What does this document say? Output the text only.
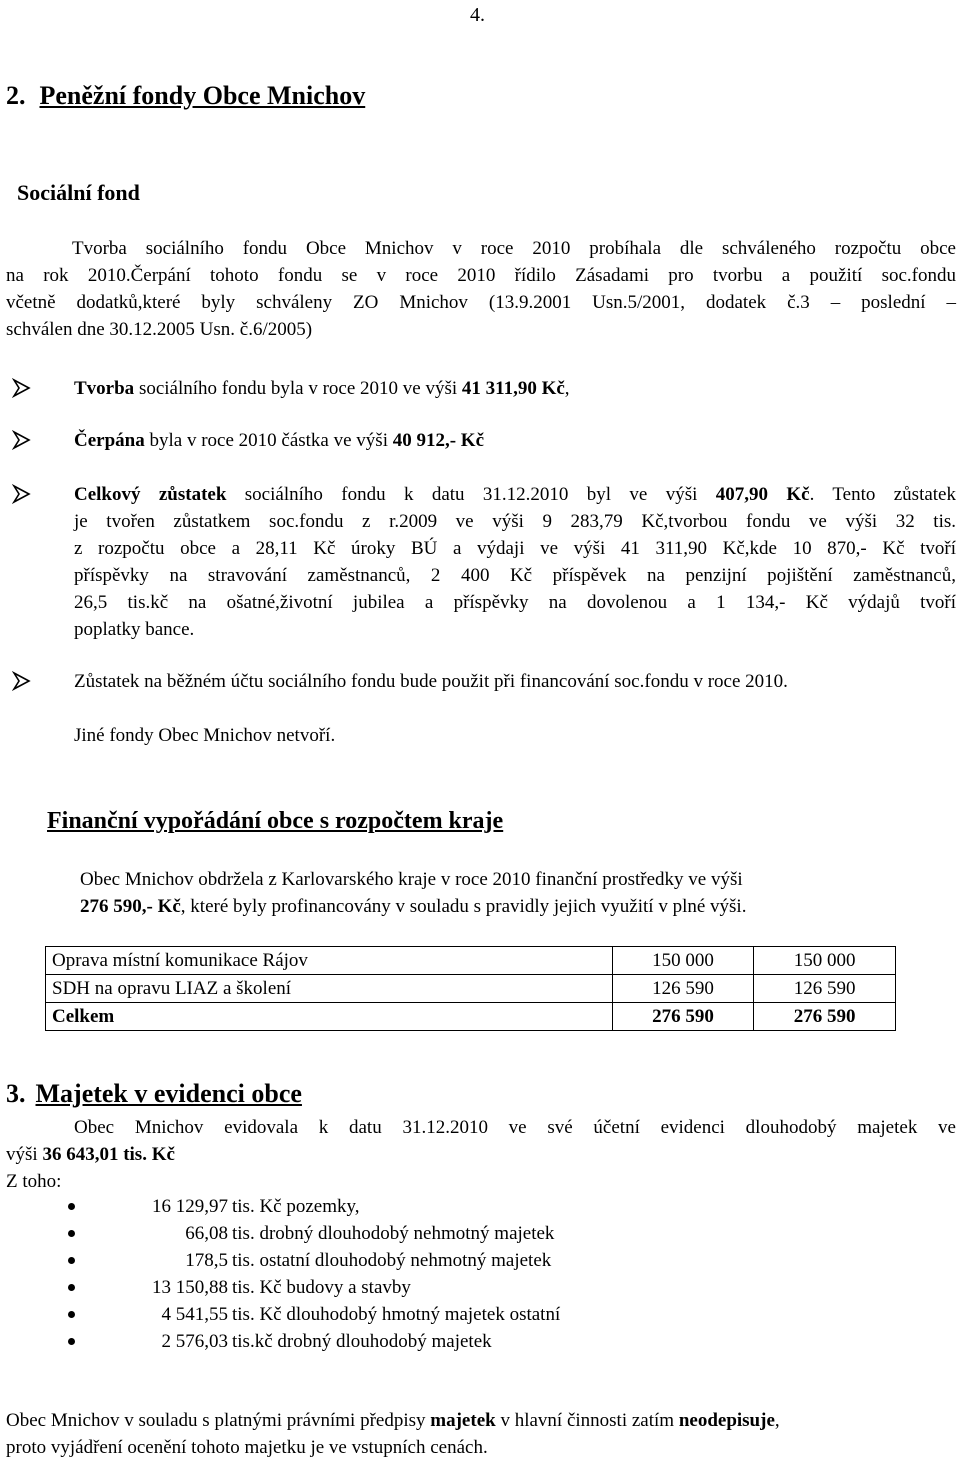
4.
2. Peněžní fondy Obce Mnichov
Sociální fond
Tvorba sociálního fondu Obce Mnichov v roce 2010 probíhala dle schváleného rozpočtu obce
na rok 2010.Čerpání tohoto fondu se v roce 2010 řídilo Zásadami pro tvorbu a použití soc.fondu
včetně dodatků,které byly schváleny ZO Mnichov (13.9.2001 Usn.5/2001, dodatek č.3 – poslední –
schválen dne 30.12.2005 Usn. č.6/2005)
Tvorba sociálního fondu byla v roce 2010 ve výši 41 311,90 Kč,
Čerpána byla v roce 2010 částka ve výši 40 912,- Kč
Celkový zůstatek sociálního fondu k datu 31.12.2010 byl ve výši 407,90 Kč. Tento zůstatek
je tvořen zůstatkem soc.fondu z r.2009 ve výši 9 283,79 Kč,tvorbou fondu ve výši 32 tis.
z rozpočtu obce a 28,11 Kč úroky BÚ a výdaji ve výši 41 311,90 Kč,kde 10 870,- Kč tvoří
příspěvky na stravování zaměstnanců, 2 400 Kč příspěvek na penzijní pojištění zaměstnanců,
26,5 tis.kč na ošatné,životní jubilea a příspěvky na dovolenou a 1 134,- Kč výdajů tvoří
poplatky bance.
Zůstatek na běžném účtu sociálního fondu bude použit při financování soc.fondu v roce 2010.
Jiné fondy Obec Mnichov netvoří.
Finanční vypořádání obce s rozpočtem kraje
Obec Mnichov obdržela z Karlovarského kraje v roce 2010 finanční prostředky ve výši
276 590,- Kč, které byly profinancovány v souladu s pravidly jejich využití v plné výši.
Oprava místní komunikace Rájov	150 000	150 000
SDH na opravu LIAZ a školení	126 590	126 590
Celkem	276 590	276 590
3. Majetek v evidenci obce
Obec Mnichov evidovala k datu 31.12.2010 ve své účetní evidenci dlouhodobý majetek ve
výši 36 643,01 tis. Kč
Z toho:
16 129,97 tis. Kč pozemky,
66,08 tis. drobný dlouhodobý nehmotný majetek
178,5 tis. ostatní dlouhodobý nehmotný majetek
13 150,88 tis. Kč budovy a stavby
4 541,55 tis. Kč dlouhodobý hmotný majetek ostatní
2 576,03 tis.kč drobný dlouhodobý majetek
Obec Mnichov v souladu s platnými právními předpisy majetek v hlavní činnosti zatím neodepisuje,
proto vyjádření ocenění tohoto majetku je ve vstupních cenách.
